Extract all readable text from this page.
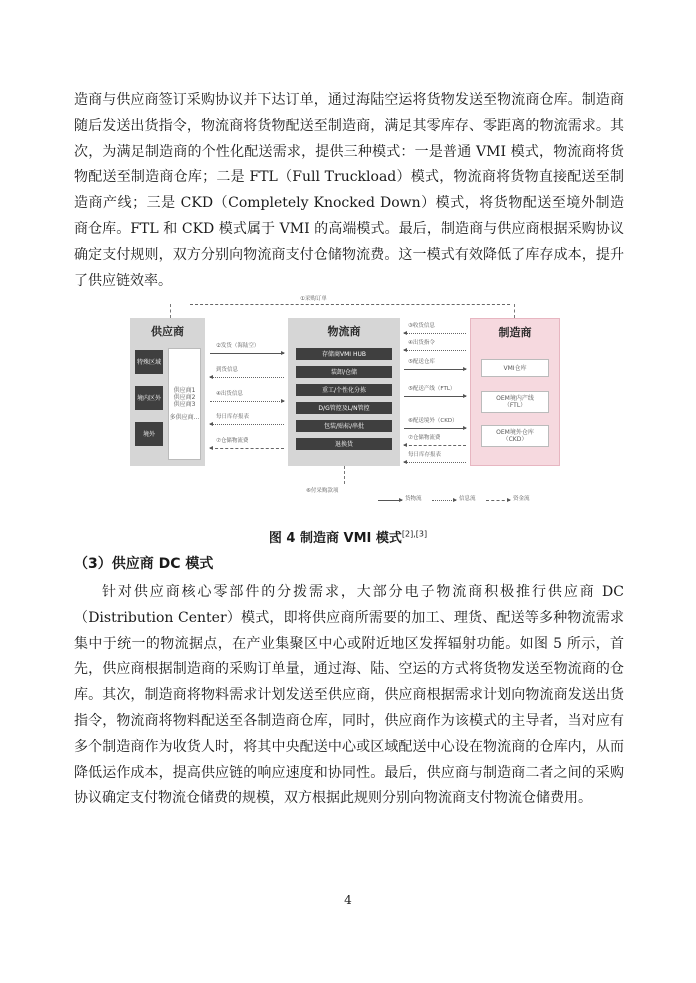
造商与供应商签订采购协议并下达订单，通过海陆空运将货物发送至物流商仓库。制造商随后发送出货指令，物流商将货物配送至制造商，满足其零库存、零距离的物流需求。其次，为满足制造商的个性化配送需求，提供三种模式：一是普通 VMI 模式，物流商将货物配送至制造商仓库；二是 FTL（Full Truckload）模式，物流商将货物直接配送至制造商产线；三是 CKD（Completely Knocked Down）模式，将货物配送至境外制造商仓库。FTL 和 CKD 模式属于 VMI 的高端模式。最后，制造商与供应商根据采购协议确定支付规则，双方分别向物流商支付仓储物流费。这一模式有效降低了库存成本，提升了供应链效率。

①采购订单
供应商
特殊区域
境内区外
境外
供应商1
供应商2
供应商3
多供应商...
物流商
存储商VMI HUB
装卸/仓储
重工/个性化分拣
D/G管控及L/N管控
包装/贴标/串批
退换货
制造商
VMI仓库
OEM境内产线
（FTL）
OEM境外仓库
（CKD）
②发货（海陆空）
到货信息
④出货信息
每日库存报表
⑦仓储物流费
③收货信息
④出货指令
⑤配送仓库
⑤配送产线（FTL）
⑥配送境外（CKD）
⑦仓储物流费
每日库存报表
⑥付采购款项
货物流	信息流	资金流
图 4 制造商 VMI 模式[2],[3]
（3）供应商 DC 模式

针对供应商核心零部件的分拨需求，大部分电子物流商积极推行供应商 DC（Distribution Center）模式，即将供应商所需要的加工、理货、配送等多种物流需求集中于统一的物流据点，在产业集聚区中心或附近地区发挥辐射功能。如图 5 所示，首先，供应商根据制造商的采购订单量，通过海、陆、空运的方式将货物发送至物流商的仓库。其次，制造商将物料需求计划发送至供应商，供应商根据需求计划向物流商发送出货指令，物流商将物料配送至各制造商仓库，同时，供应商作为该模式的主导者，当对应有多个制造商作为收货人时，将其中央配送中心或区域配送中心设在物流商的仓库内，从而降低运作成本，提高供应链的响应速度和协同性。最后，供应商与制造商二者之间的采购协议确定支付物流仓储费的规模，双方根据此规则分别向物流商支付物流仓储费用。

4
